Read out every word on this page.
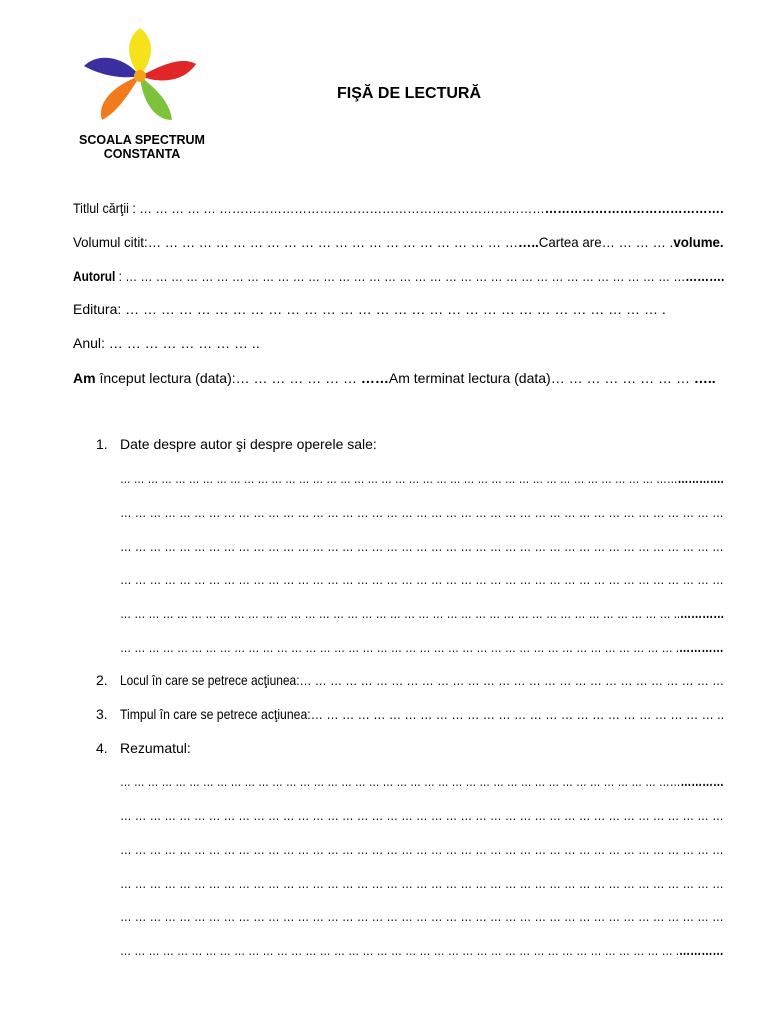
SCOALA SPECTRUM
CONSTANTA
FIŞĂ DE LECTURĂ
Titlul cărţii : … … … … … ………………………………………………………………………………………………………….
Volumul citit:… … … … … … … … … … … … … … … … … … … … … ……..Cartea are… … … … .volume.
Autorul : … … … … … … … … … … … … … … … … … … … … … … … … … … … … … … … … … … … … ………….
Editura: … … … … … … … … … … … … … … … … … … … … … … … … … … … … … … .
Anul: … … … … … … … … ..
Am început lectura (data):… … … … … … … ……Am terminat lectura (data)… … … … … … … … …..
1. Date despre autor şi despre operele sale:
… … … … … … … … … … … … … … … … … … … … … … … … … … … … … … … … … … … … … … … ……………….
… … … … … … … … … … … … … … … … … … … … … … … … … … … … … … … … … … … … … … … … …
… … … … … … … … … … … … … … … … … … … … … … … … … … … … … … … … … … … … … … … … …
… … … … … … … … … … … … … … … … … … … … … … … … … … … … … … … … … … … … … … … … …
… … … … … … … … … … … … … … … … … … … … … … … … … … … … … … … … … … … … … … … ..…………
… … … … … … … … … … … … … … … … … … … … … … … … … … … … … … … … … … … … … … … .…………
2. Locul în care se petrece acţiunea:… … … … … … … … … … … … … … … … … … … … … … … … … … … …
3. Timpul în care se petrece acţiunea:… … … … … … … … … … … … … … … … … … … … … … … … … … ..
4. Rezumatul:
… … … … … … … … … … … … … … … … … … … … … … … … … … … … … … … … … … … … … … … ………………
… … … … … … … … … … … … … … … … … … … … … … … … … … … … … … … … … … … … … … … … …
… … … … … … … … … … … … … … … … … … … … … … … … … … … … … … … … … … … … … … … … …
… … … … … … … … … … … … … … … … … … … … … … … … … … … … … … … … … … … … … … … … …
… … … … … … … … … … … … … … … … … … … … … … … … … … … … … … … … … … … … … … … … …
… … … … … … … … … … … … … … … … … … … … … … … … … … … … … … … … … … … … … … … .…………
